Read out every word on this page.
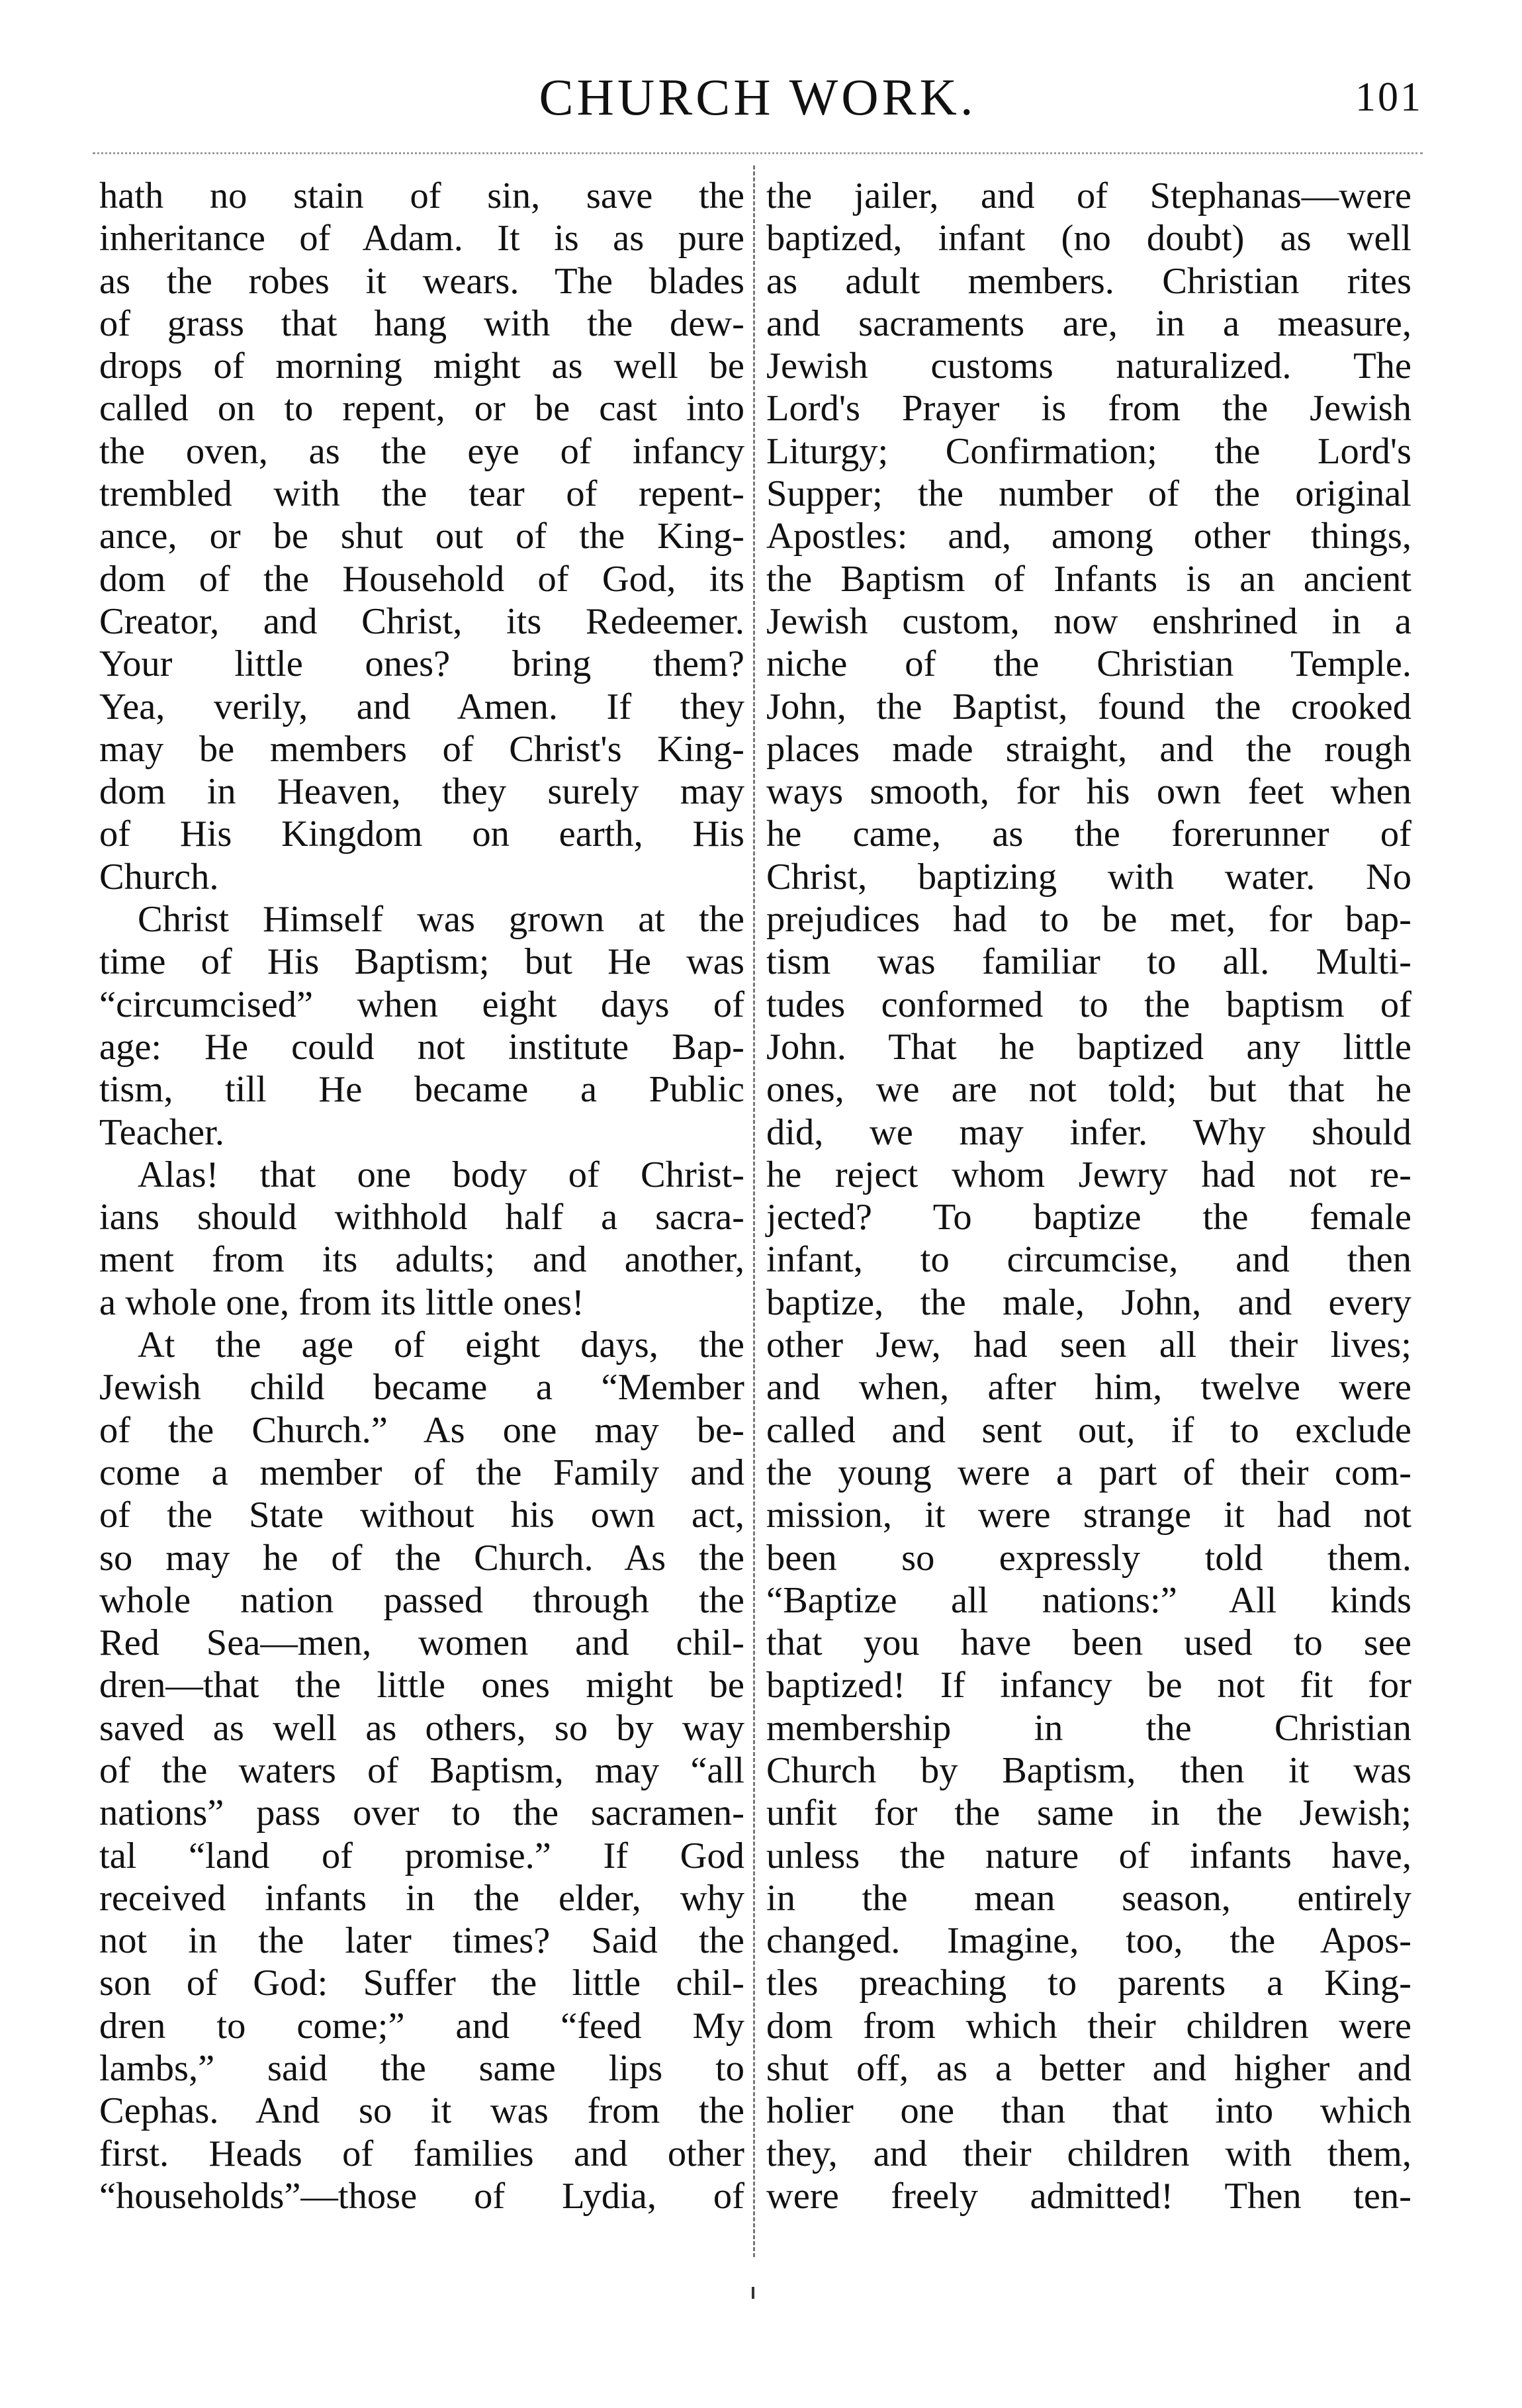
CHURCH WORK.	101
hath no stain of sin, save the
inheritance of Adam. It is as pure
as the robes it wears. The blades
of grass that hang with the dew-
drops of morning might as well be
called on to repent, or be cast into
the oven, as the eye of infancy
trembled with the tear of repent-
ance, or be shut out of the King-
dom of the Household of God, its
Creator, and Christ, its Redeemer.
Your little ones? bring them?
Yea, verily, and Amen. If they
may be members of Christ's King-
dom in Heaven, they surely may
of His Kingdom on earth, His
Church.
Christ Himself was grown at the
time of His Baptism; but He was
“circumcised” when eight days of
age: He could not institute Bap-
tism, till He became a Public
Teacher.
Alas! that one body of Christ-
ians should withhold half a sacra-
ment from its adults; and another,
a whole one, from its little ones!
At the age of eight days, the
Jewish child became a “Member
of the Church.” As one may be-
come a member of the Family and
of the State without his own act,
so may he of the Church. As the
whole nation passed through the
Red Sea—men, women and chil-
dren—that the little ones might be
saved as well as others, so by way
of the waters of Baptism, may “all
nations” pass over to the sacramen-
tal “land of promise.” If God
received infants in the elder, why
not in the later times? Said the
son of God: Suffer the little chil-
dren to come;” and “feed My
lambs,” said the same lips to
Cephas. And so it was from the
first. Heads of families and other
“households”—those of Lydia, of
the jailer, and of Stephanas—were
baptized, infant (no doubt) as well
as adult members. Christian rites
and sacraments are, in a measure,
Jewish customs naturalized. The
Lord's Prayer is from the Jewish
Liturgy; Confirmation; the Lord's
Supper; the number of the original
Apostles: and, among other things,
the Baptism of Infants is an ancient
Jewish custom, now enshrined in a
niche of the Christian Temple.
John, the Baptist, found the crooked
places made straight, and the rough
ways smooth, for his own feet when
he came, as the forerunner of
Christ, baptizing with water. No
prejudices had to be met, for bap-
tism was familiar to all. Multi-
tudes conformed to the baptism of
John. That he baptized any little
ones, we are not told; but that he
did, we may infer. Why should
he reject whom Jewry had not re-
jected? To baptize the female
infant, to circumcise, and then
baptize, the male, John, and every
other Jew, had seen all their lives;
and when, after him, twelve were
called and sent out, if to exclude
the young were a part of their com-
mission, it were strange it had not
been so expressly told them.
“Baptize all nations:” All kinds
that you have been used to see
baptized! If infancy be not fit for
membership in the Christian
Church by Baptism, then it was
unfit for the same in the Jewish;
unless the nature of infants have,
in the mean season, entirely
changed. Imagine, too, the Apos-
tles preaching to parents a King-
dom from which their children were
shut off, as a better and higher and
holier one than that into which
they, and their children with them,
were freely admitted! Then ten-
